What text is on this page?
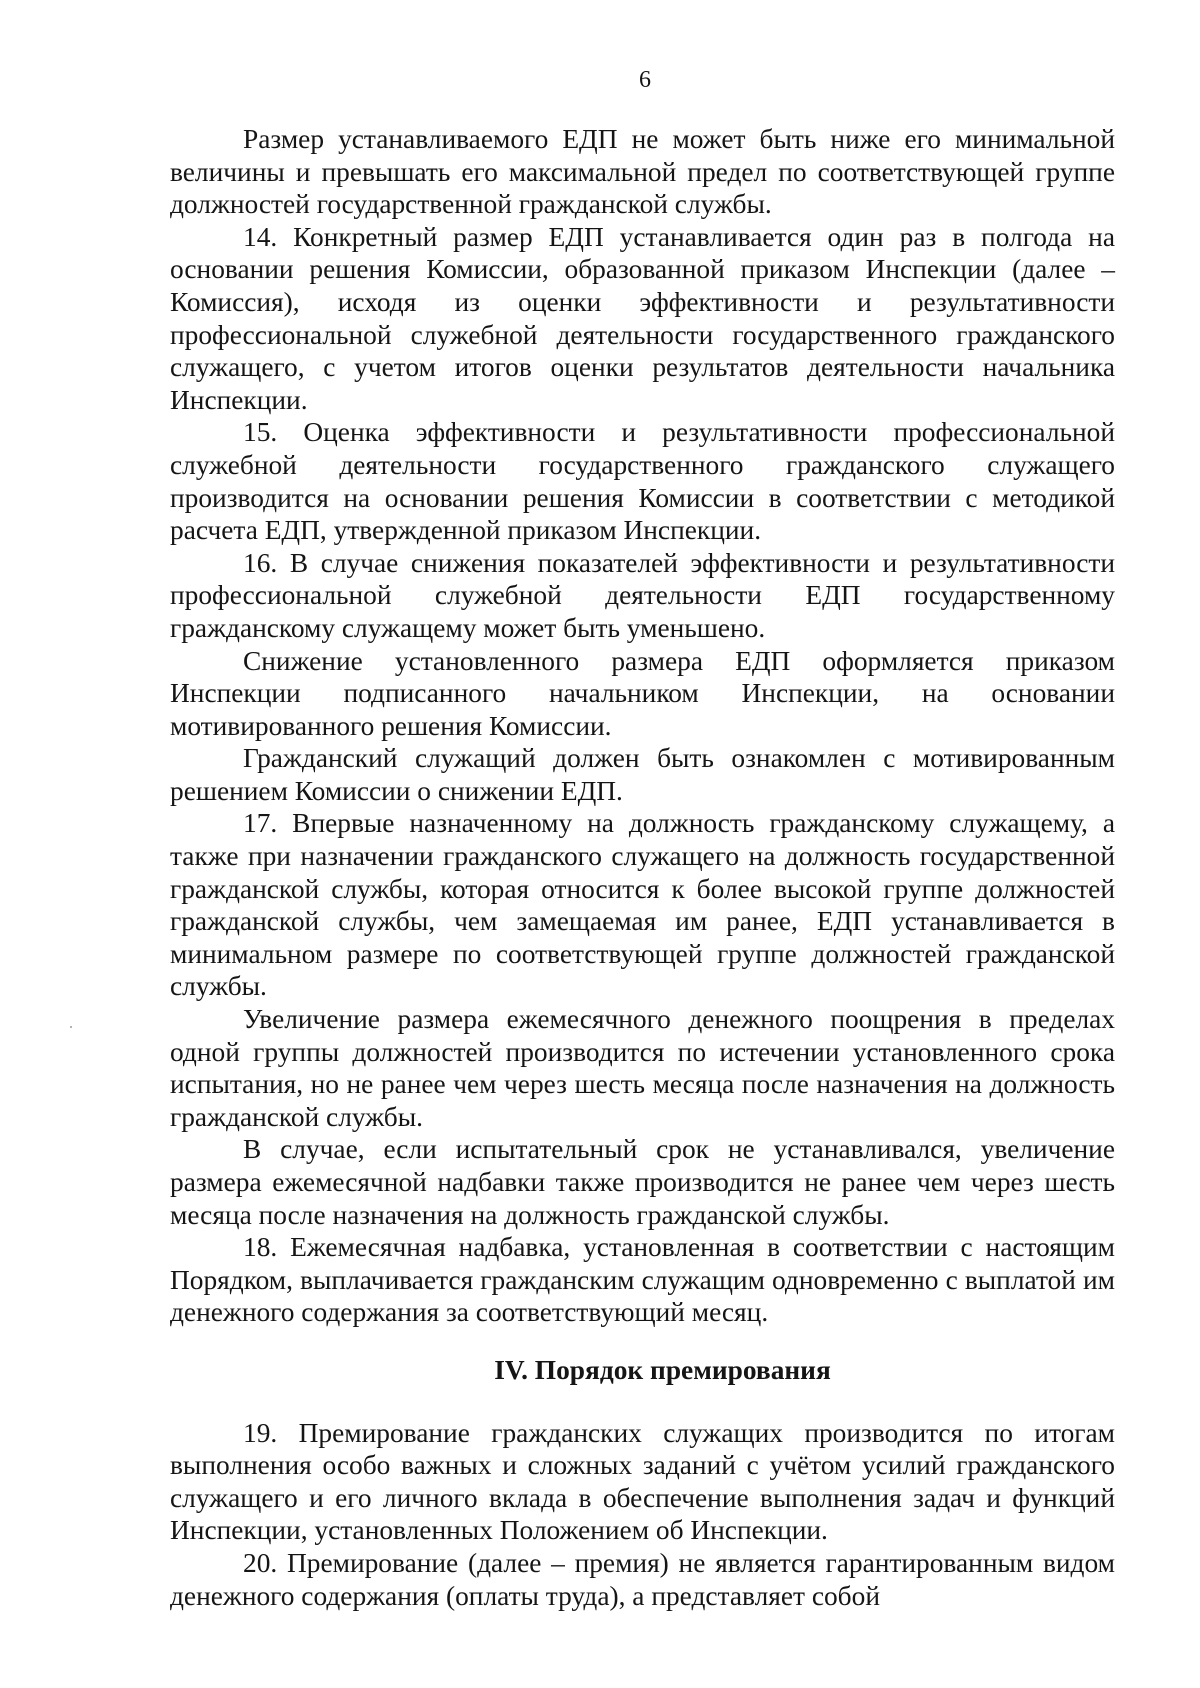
6

Размер устанавливаемого ЕДП не может быть ниже его минимальной величины и превышать его максимальной предел по соответствующей группе должностей государственной гражданской службы.

14. Конкретный размер ЕДП устанавливается один раз в полгода на основании решения Комиссии, образованной приказом Инспекции (далее – Комиссия), исходя из оценки эффективности и результативности профессиональной служебной деятельности государственного гражданского служащего, с учетом итогов оценки результатов деятельности начальника Инспекции.

15. Оценка эффективности и результативности профессиональной служебной деятельности государственного гражданского служащего производится на основании решения Комиссии в соответствии с методикой расчета ЕДП, утвержденной приказом Инспекции.

16. В случае снижения показателей эффективности и результативности профессиональной служебной деятельности ЕДП государственному гражданскому служащему может быть уменьшено.

Снижение установленного размера ЕДП оформляется приказом Инспекции подписанного начальником Инспекции, на основании мотивированного решения Комиссии.

Гражданский служащий должен быть ознакомлен с мотивированным решением Комиссии о снижении ЕДП.

17. Впервые назначенному на должность гражданскому служащему, а также при назначении гражданского служащего на должность государственной гражданской службы, которая относится к более высокой группе должностей гражданской службы, чем замещаемая им ранее, ЕДП устанавливается в минимальном размере по соответствующей группе должностей гражданской службы.

Увеличение размера ежемесячного денежного поощрения в пределах одной группы должностей производится по истечении установленного срока испытания, но не ранее чем через шесть месяца после назначения на должность гражданской службы.

В случае, если испытательный срок не устанавливался, увеличение размера ежемесячной надбавки также производится не ранее чем через шесть месяца после назначения на должность гражданской службы.

18. Ежемесячная надбавка, установленная в соответствии с настоящим Порядком, выплачивается гражданским служащим одновременно с выплатой им денежного содержания за соответствующий месяц.

IV. Порядок премирования

19. Премирование гражданских служащих производится по итогам выполнения особо важных и сложных заданий с учётом усилий гражданского служащего и его личного вклада в обеспечение выполнения задач и функций Инспекции, установленных Положением об Инспекции.

20. Премирование (далее – премия) не является гарантированным видом денежного содержания (оплаты труда), а представляет собой
